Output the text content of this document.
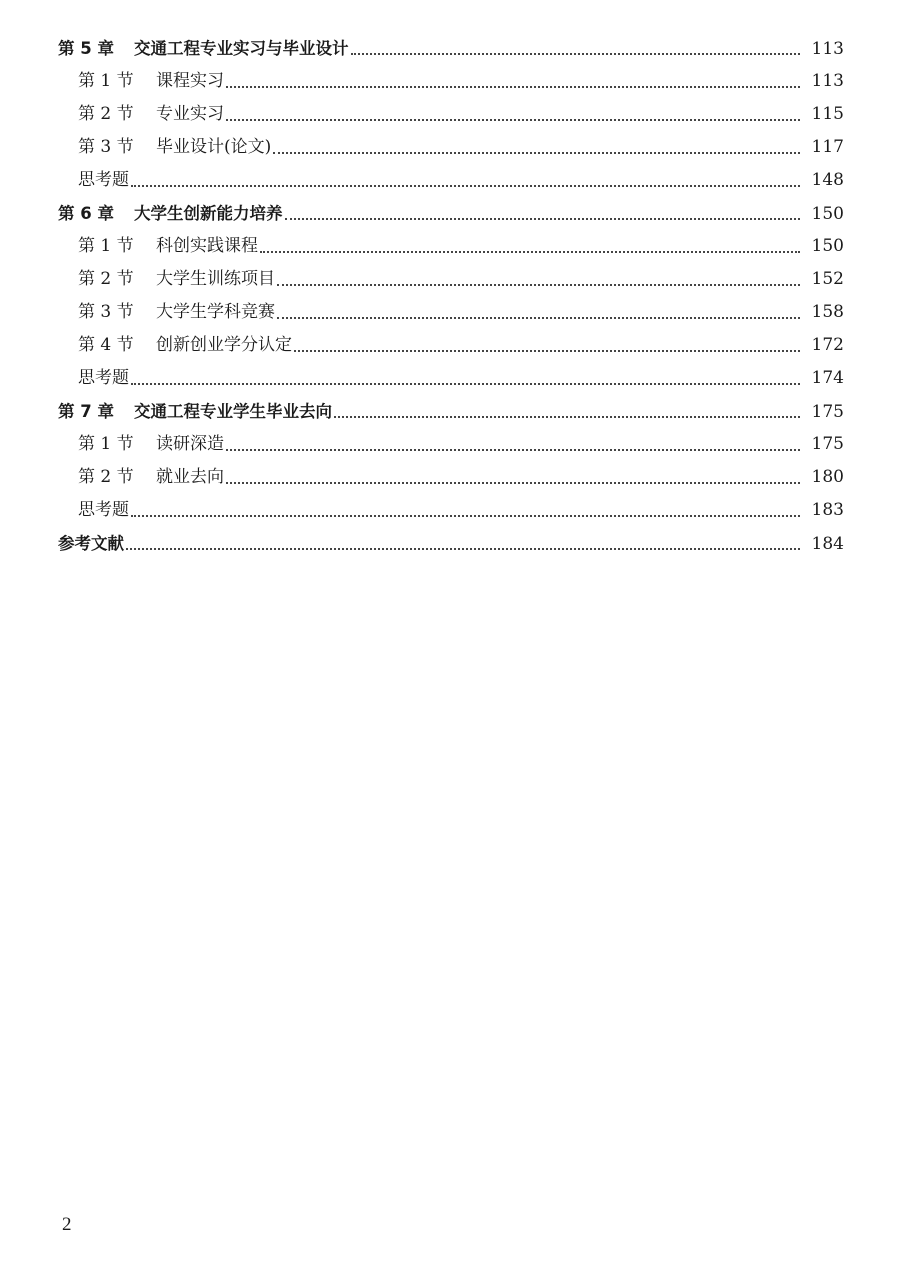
第 5 章	交通工程专业实习与毕业设计	113
第 1 节	课程实习	113
第 2 节	专业实习	115
第 3 节	毕业设计(论文)	117
思考题	148
第 6 章	大学生创新能力培养	150
第 1 节	科创实践课程	150
第 2 节	大学生训练项目	152
第 3 节	大学生学科竞赛	158
第 4 节	创新创业学分认定	172
思考题	174
第 7 章	交通工程专业学生毕业去向	175
第 1 节	读研深造	175
第 2 节	就业去向	180
思考题	183
参考文献	184
2
